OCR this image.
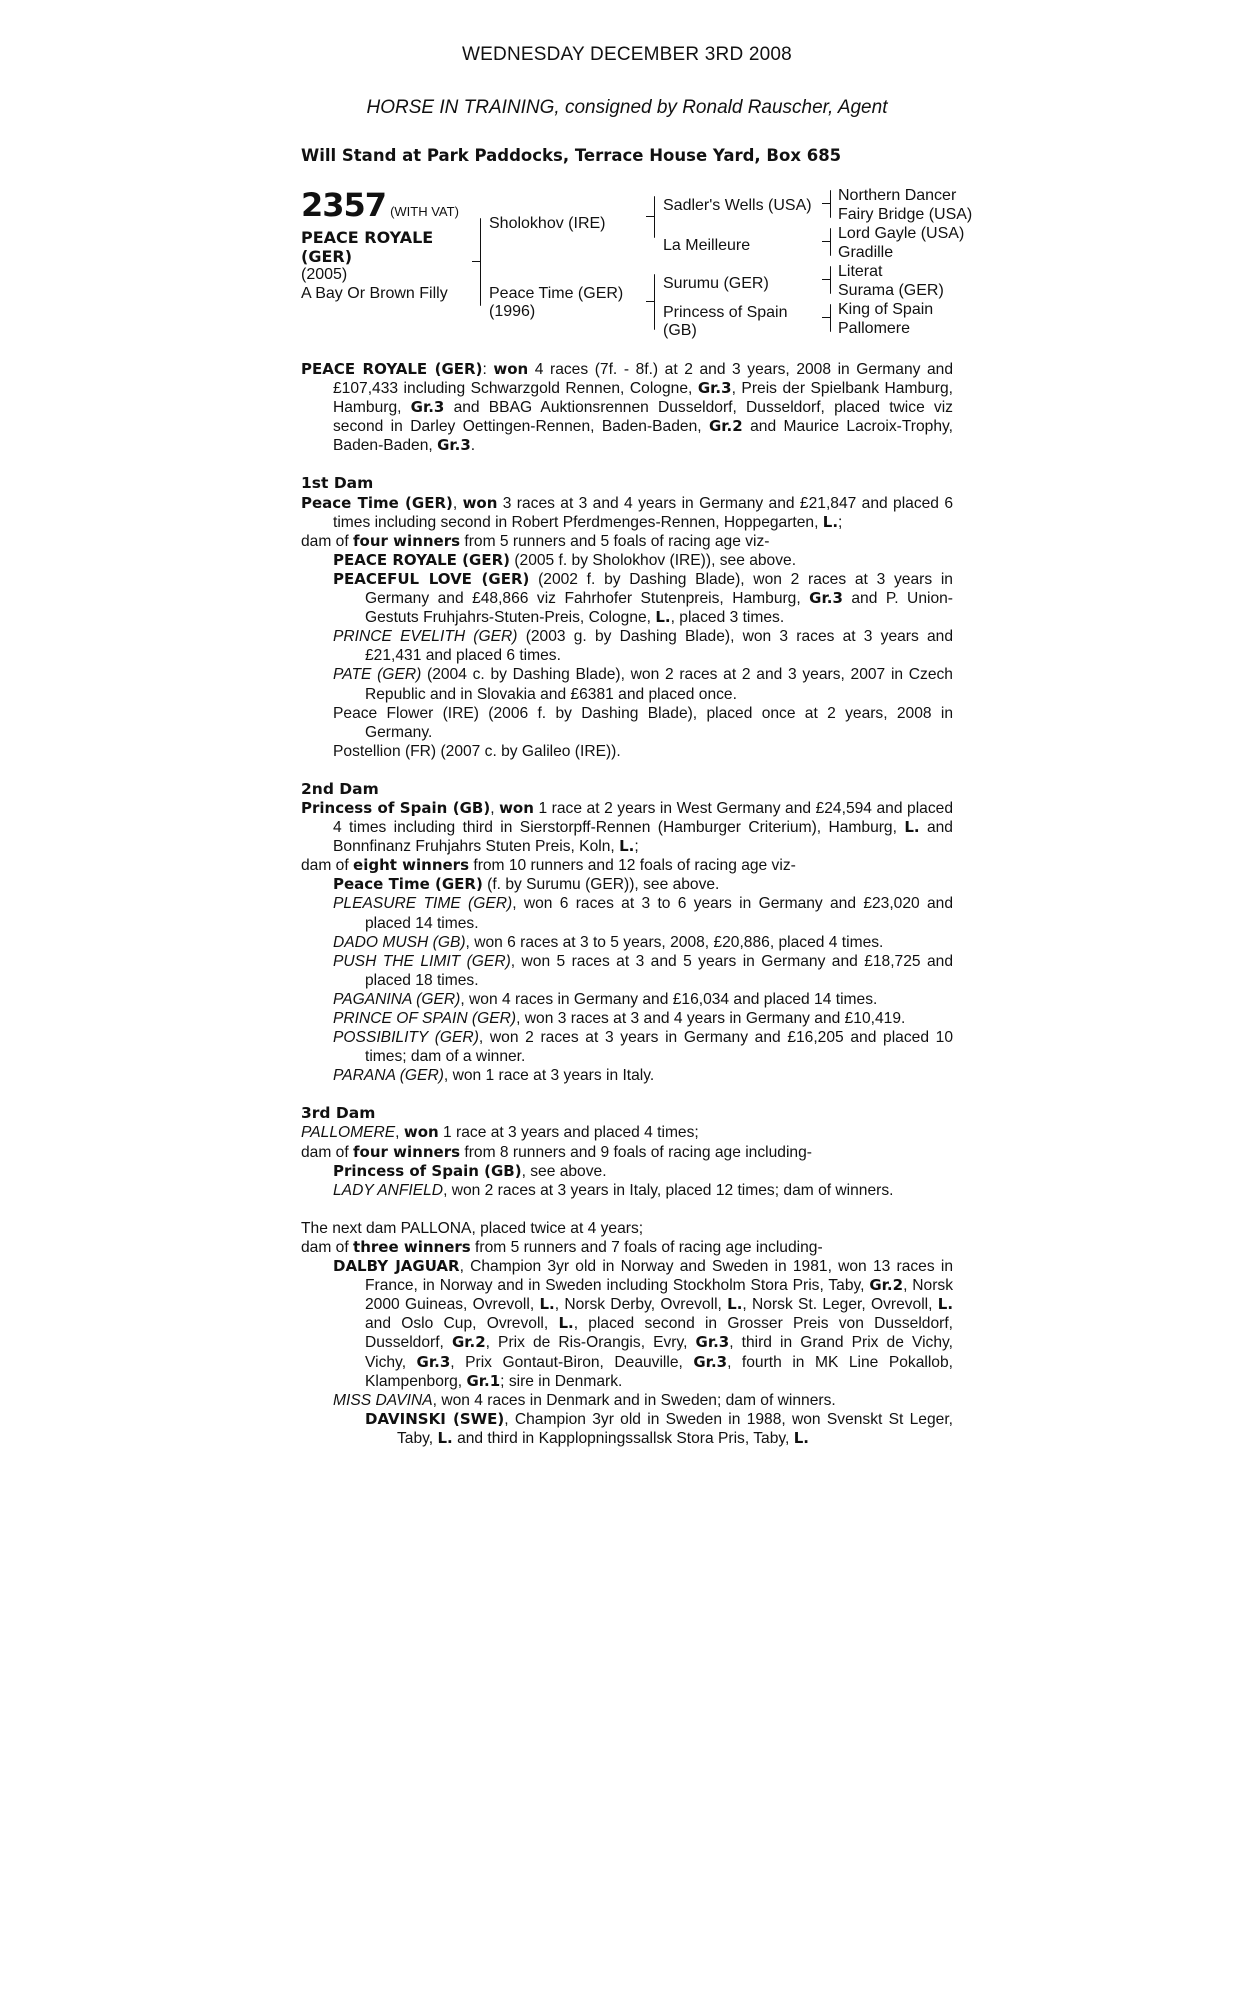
WEDNESDAY DECEMBER 3RD 2008
HORSE IN TRAINING, consigned by Ronald Rauscher, Agent
Will Stand at Park Paddocks, Terrace House Yard, Box 685
2357 (WITH VAT)
PEACE ROYALE
(GER)
(2005)
A Bay Or Brown Filly
Sholokhov (IRE)
Peace Time (GER)
(1996)
Sadler's Wells (USA)
La Meilleure
Surumu (GER)
Princess of Spain
(GB)
Northern Dancer
Fairy Bridge (USA)
Lord Gayle (USA)
Gradille
Literat
Surama (GER)
King of Spain
Pallomere
PEACE ROYALE (GER): won 4 races (7f. - 8f.) at 2 and 3 years, 2008 in Germany and £107,433 including Schwarzgold Rennen, Cologne, Gr.3, Preis der Spielbank Hamburg, Hamburg, Gr.3 and BBAG Auktionsrennen Dusseldorf, Dusseldorf, placed twice viz second in Darley Oettingen-Rennen, Baden-Baden, Gr.2 and Maurice Lacroix-Trophy, Baden-Baden, Gr.3.
1st Dam
Peace Time (GER), won 3 races at 3 and 4 years in Germany and £21,847 and placed 6 times including second in Robert Pferdmenges-Rennen, Hoppegarten, L.;
dam of four winners from 5 runners and 5 foals of racing age viz-
PEACE ROYALE (GER) (2005 f. by Sholokhov (IRE)), see above.
PEACEFUL LOVE (GER) (2002 f. by Dashing Blade), won 2 races at 3 years in Germany and £48,866 viz Fahrhofer Stutenpreis, Hamburg, Gr.3 and P. Union-Gestuts Fruhjahrs-Stuten-Preis, Cologne, L., placed 3 times.
PRINCE EVELITH (GER) (2003 g. by Dashing Blade), won 3 races at 3 years and £21,431 and placed 6 times.
PATE (GER) (2004 c. by Dashing Blade), won 2 races at 2 and 3 years, 2007 in Czech Republic and in Slovakia and £6381 and placed once.
Peace Flower (IRE) (2006 f. by Dashing Blade), placed once at 2 years, 2008 in Germany.
Postellion (FR) (2007 c. by Galileo (IRE)).
2nd Dam
Princess of Spain (GB), won 1 race at 2 years in West Germany and £24,594 and placed 4 times including third in Sierstorpff-Rennen (Hamburger Criterium), Hamburg, L. and Bonnfinanz Fruhjahrs Stuten Preis, Koln, L.;
dam of eight winners from 10 runners and 12 foals of racing age viz-
Peace Time (GER) (f. by Surumu (GER)), see above.
PLEASURE TIME (GER), won 6 races at 3 to 6 years in Germany and £23,020 and placed 14 times.
DADO MUSH (GB), won 6 races at 3 to 5 years, 2008, £20,886, placed 4 times.
PUSH THE LIMIT (GER), won 5 races at 3 and 5 years in Germany and £18,725 and placed 18 times.
PAGANINA (GER), won 4 races in Germany and £16,034 and placed 14 times.
PRINCE OF SPAIN (GER), won 3 races at 3 and 4 years in Germany and £10,419.
POSSIBILITY (GER), won 2 races at 3 years in Germany and £16,205 and placed 10 times; dam of a winner.
PARANA (GER), won 1 race at 3 years in Italy.
3rd Dam
PALLOMERE, won 1 race at 3 years and placed 4 times;
dam of four winners from 8 runners and 9 foals of racing age including-
Princess of Spain (GB), see above.
LADY ANFIELD, won 2 races at 3 years in Italy, placed 12 times; dam of winners.
The next dam PALLONA, placed twice at 4 years;
dam of three winners from 5 runners and 7 foals of racing age including-
DALBY JAGUAR, Champion 3yr old in Norway and Sweden in 1981, won 13 races in France, in Norway and in Sweden including Stockholm Stora Pris, Taby, Gr.2, Norsk 2000 Guineas, Ovrevoll, L., Norsk Derby, Ovrevoll, L., Norsk St. Leger, Ovrevoll, L. and Oslo Cup, Ovrevoll, L., placed second in Grosser Preis von Dusseldorf, Dusseldorf, Gr.2, Prix de Ris-Orangis, Evry, Gr.3, third in Grand Prix de Vichy, Vichy, Gr.3, Prix Gontaut-Biron, Deauville, Gr.3, fourth in MK Line Pokallob, Klampenborg, Gr.1; sire in Denmark.
MISS DAVINA, won 4 races in Denmark and in Sweden; dam of winners.
DAVINSKI (SWE), Champion 3yr old in Sweden in 1988, won Svenskt St Leger, Taby, L. and third in Kapplopningssallsk Stora Pris, Taby, L.
